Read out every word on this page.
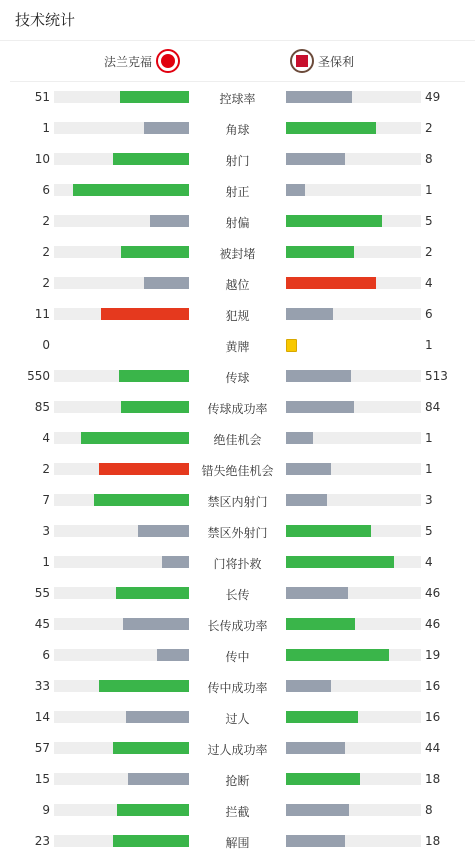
技术统计
法兰克福	圣保利
51	控球率	49
1	角球	2
10	射门	8
6	射正	1
2	射偏	5
2	被封堵	2
2	越位	4
11	犯规	6
0	黄牌	1
550	传球	513
85	传球成功率	84
4	绝佳机会	1
2	错失绝佳机会	1
7	禁区内射门	3
3	禁区外射门	5
1	门将扑救	4
55	长传	46
45	长传成功率	46
6	传中	19
33	传中成功率	16
14	过人	16
57	过人成功率	44
15	抢断	18
9	拦截	8
23	解围	18
